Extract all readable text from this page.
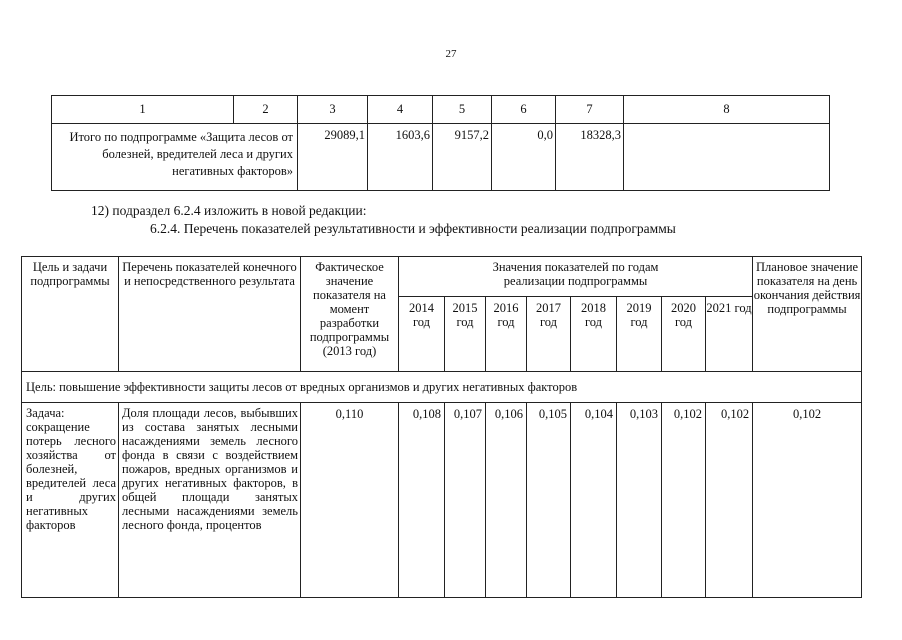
27
1	2	3	4	5	6	7	8
Итого по подпрограмме «Защита лесов от болезней, вредителей леса и других негативных факторов»		29089,1	1603,6	9157,2	0,0	18328,3	
12) подраздел 6.2.4 изложить в новой редакции:
6.2.4. Перечень показателей результативности и эффективности реализации подпрограммы
Цель и задачи подпрограммы	Перечень показателей конечного и непосредственного результата	Фактическое значение показателя на момент разработки подпрограммы (2013 год)	Значения показателей по годам реализации подпрограммы								Плановое значение показателя на день окончания действия подпрограммы
			2014 год	2015 год	2016 год	2017 год	2018 год	2019 год	2020 год	2021 год	
Цель: повышение эффективности защиты лесов от вредных организмов и других негативных факторов											
Задача: сокращение потерь лесного хозяйства от болезней, вредителей леса и других негативных факторов	Доля площади лесов, выбывших из состава занятых лесными насаждениями земель лесного фонда в связи с воздействием пожаров, вредных организмов и других негативных факторов, в общей площади занятых лесными насаждениями земель лесного фонда, процентов	0,110	0,108	0,107	0,106	0,105	0,104	0,103	0,102	0,102	0,102
